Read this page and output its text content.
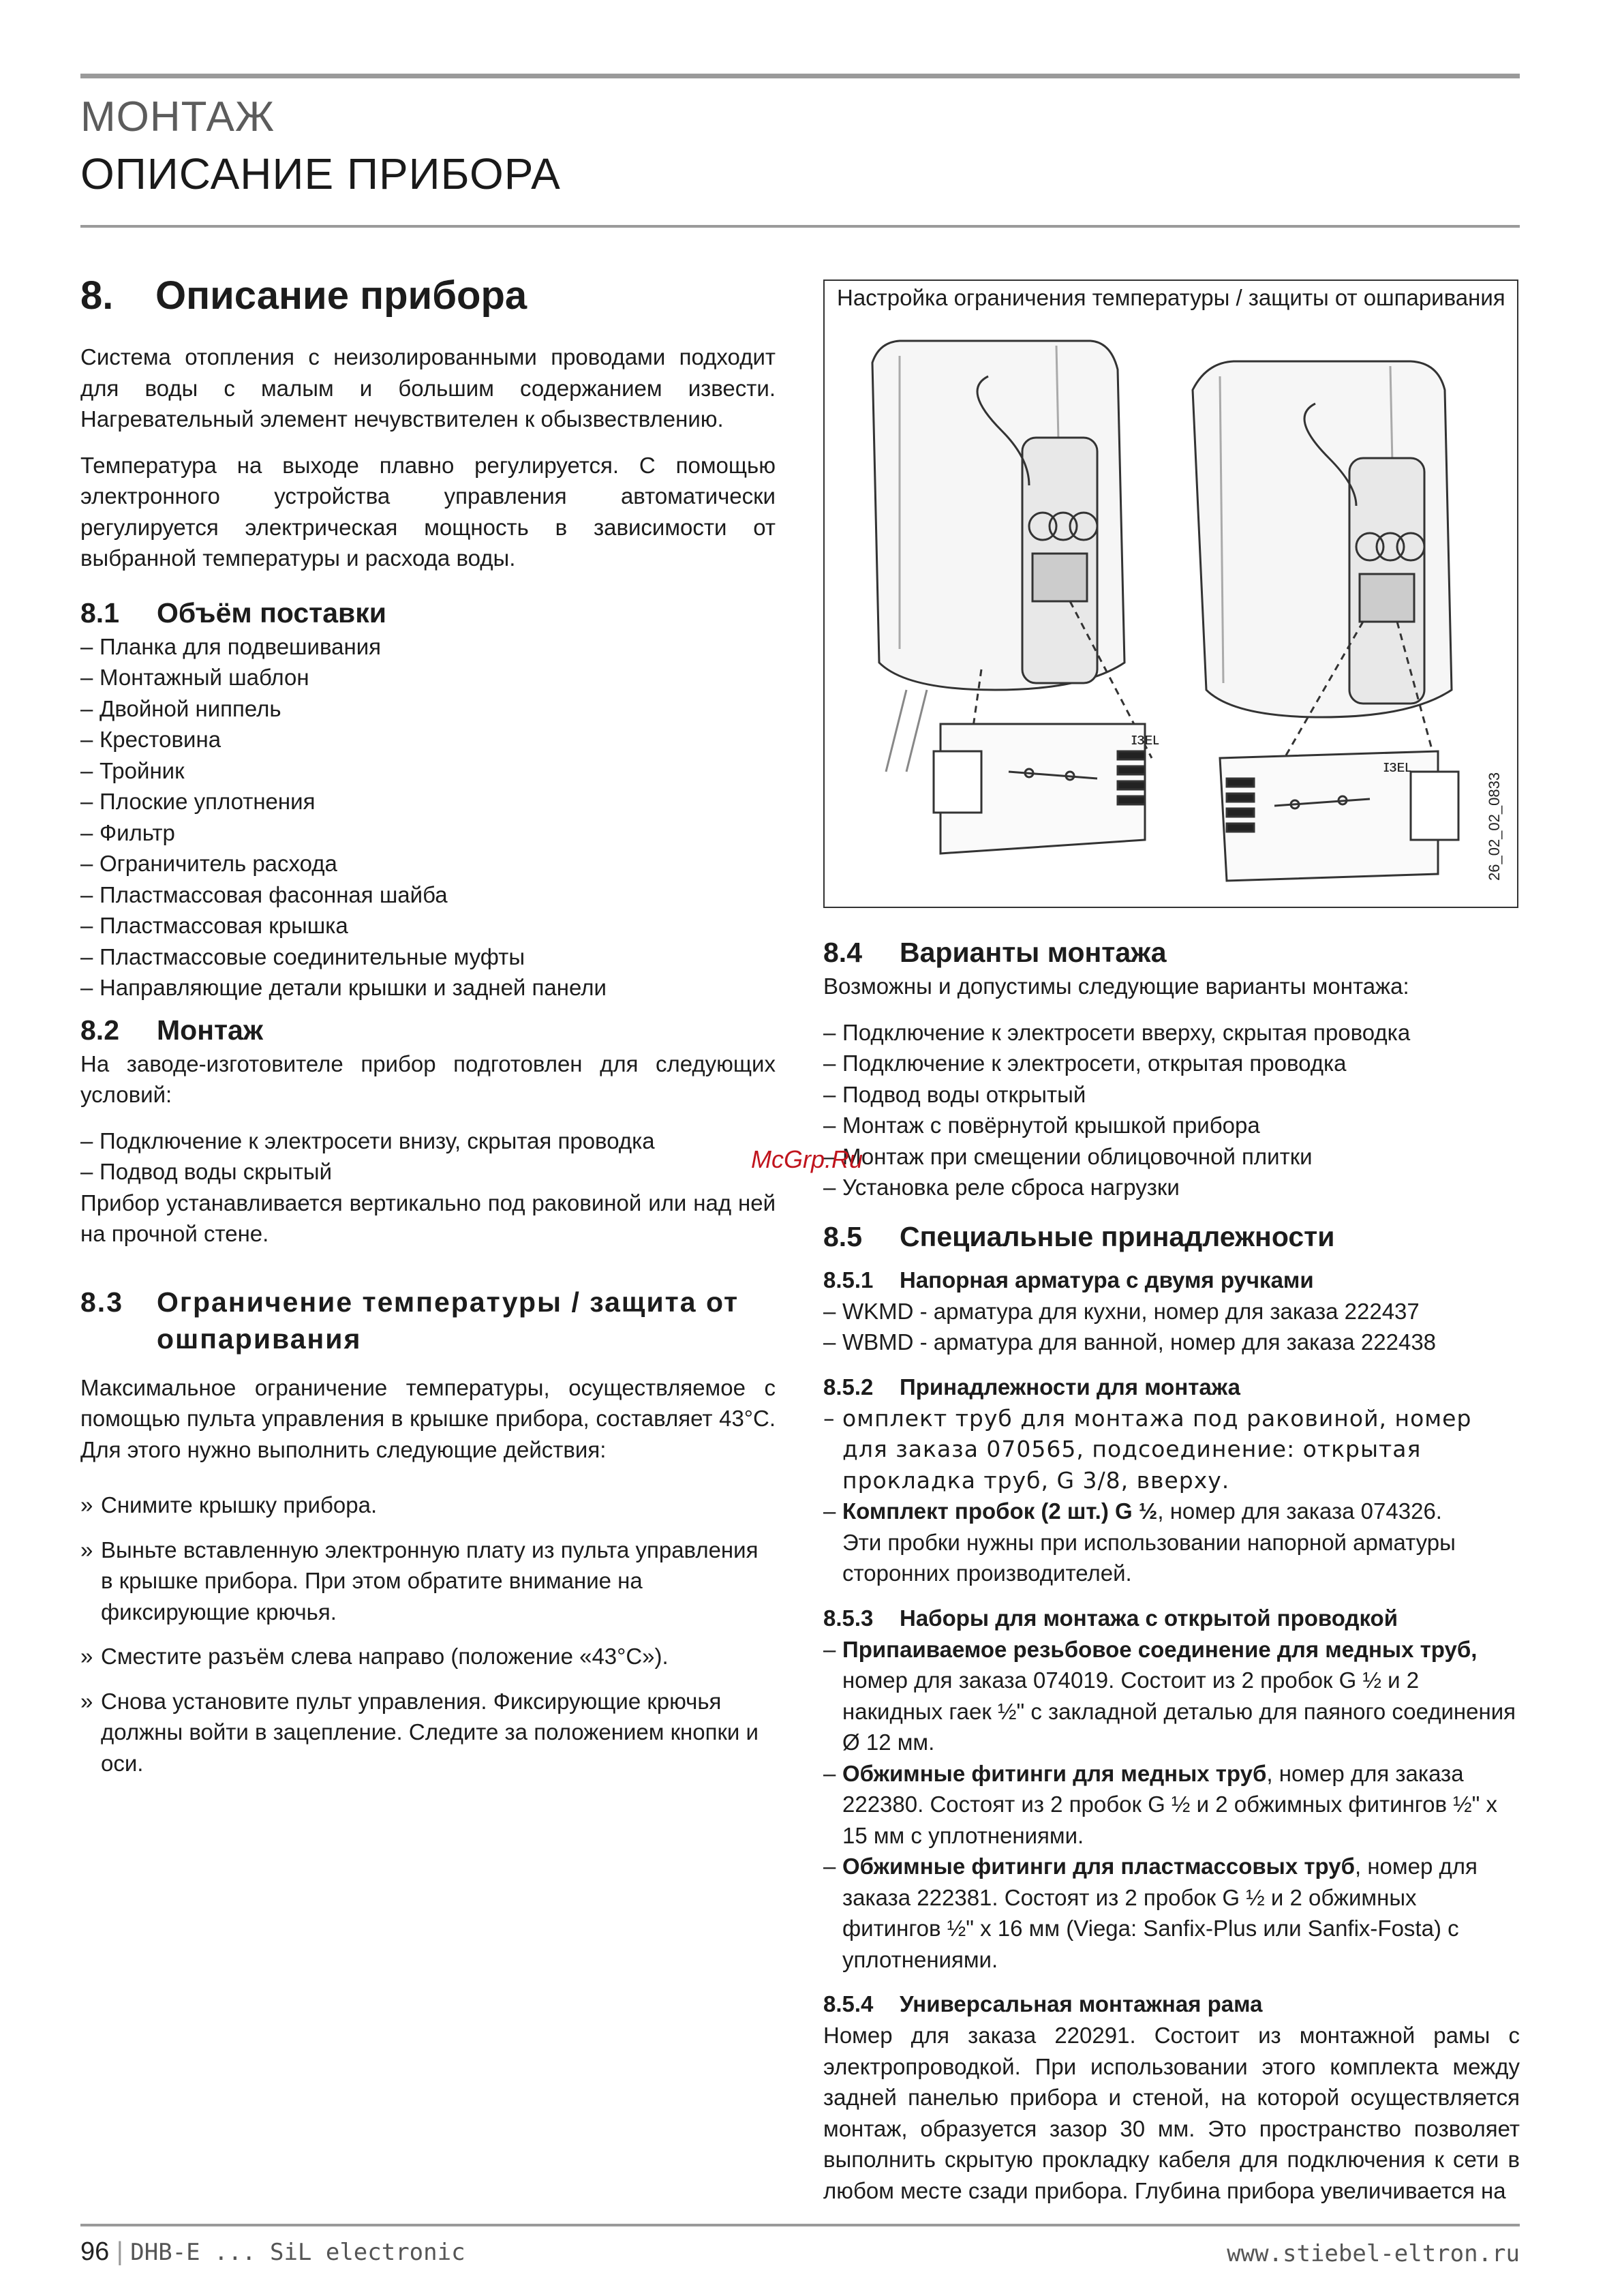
МОНТАЖ
ОПИСАНИЕ ПРИБОРА
8.	Описание прибора

Система отопления с неизолированными проводами подходит для воды с малым и большим содержанием извести. Нагревательный элемент нечувствителен к обызвествлению.

Температура на выходе плавно регулируется. С помощью электронного устройства управления автоматически регулируется электрическая мощность в зависимости от выбранной температуры и расхода воды.

8.1	Объём поставки
– Планка для подвешивания
– Монтажный шаблон
– Двойной ниппель
– Крестовина
– Тройник
– Плоские уплотнения
– Фильтр
– Ограничитель расхода
– Пластмассовая фасонная шайба
– Пластмассовая крышка
– Пластмассовые соединительные муфты
– Направляющие детали крышки и задней панели
8.2	Монтаж

На заводе-изготовителе прибор подготовлен для следующих условий:

– Подключение к электросети внизу, скрытая проводка
– Подвод воды скрытый

Прибор устанавливается вертикально под раковиной или над ней на прочной стене.

8.3	Ограничение температуры / защита от ошпаривания

Максимальное ограничение температуры, осуществляемое с помощью пульта управления в крышке прибора, составляет 43°C. Для этого нужно выполнить следующие действия:

» Снимите крышку прибора.
» Выньте вставленную электронную плату из пульта управления в крышке прибора. При этом обратите внимание на фиксирующие крючья.
» Сместите разъём слева направо (положение «43°C»).
» Снова установите пульт управления. Фиксирующие крючья должны войти в зацепление. Следите за положением кнопки и оси.
Настройка ограничения температуры / защиты от ошпаривания
ɪзᴇʟ
ɪзᴇʟ
26_02_02_0833
8.4	Варианты монтажа

Возможны и допустимы следующие варианты монтажа:

– Подключение к электросети вверху, скрытая проводка
– Подключение к электросети, открытая проводка
– Подвод воды открытый
– Монтаж с повёрнутой крышкой прибора
– Монтаж при смещении облицовочной плитки
– Установка реле сброса нагрузки
8.5	Специальные принадлежности
8.5.1	Напорная арматура с двумя ручками
– WKMD - арматура для кухни, номер для заказа 222437
– WBMD - арматура для ванной, номер для заказа 222438
8.5.2	Принадлежности для монтажа
– омплект труб для монтажа под раковиной, номер для заказа 070565, подсоединение: открытая прокладка труб, G 3/8, вверху.
– Комплект пробок (2 шт.) G ½, номер для заказа 074326.
Эти пробки нужны при использовании напорной арматуры сторонних производителей.
8.5.3	Наборы для монтажа с открытой проводкой
– Припаиваемое резьбовое соединение для медных труб,
номер для заказа 074019. Состоит из 2 пробок G ½ и 2 накидных гаек ½" с закладной деталью для паяного соединения Ø 12 мм.
– Обжимные фитинги для медных труб, номер для заказа 222380. Состоят из 2 пробок G ½ и 2 обжимных фитингов ½" x 15 мм с уплотнениями.
– Обжимные фитинги для пластмассовых труб, номер для заказа 222381. Состоят из 2 пробок G ½ и 2 обжимных фитингов ½" x 16 мм (Viega: Sanfix-Plus или Sanfix-Fosta) с уплотнениями.
8.5.4	Универсальная монтажная рама

Номер для заказа 220291. Состоит из монтажной рамы с электропроводкой. При использовании этого комплекта между задней панелью прибора и стеной, на которой осуществляется монтаж, образуется зазор 30 мм. Это пространство позволяет выполнить скрытую прокладку кабеля для подключения к сети в любом месте сзади прибора. Глубина прибора увеличивается на

McGrp.Ru
96 | DHB-E ... SiL electronic	www.stiebel-eltron.ru
